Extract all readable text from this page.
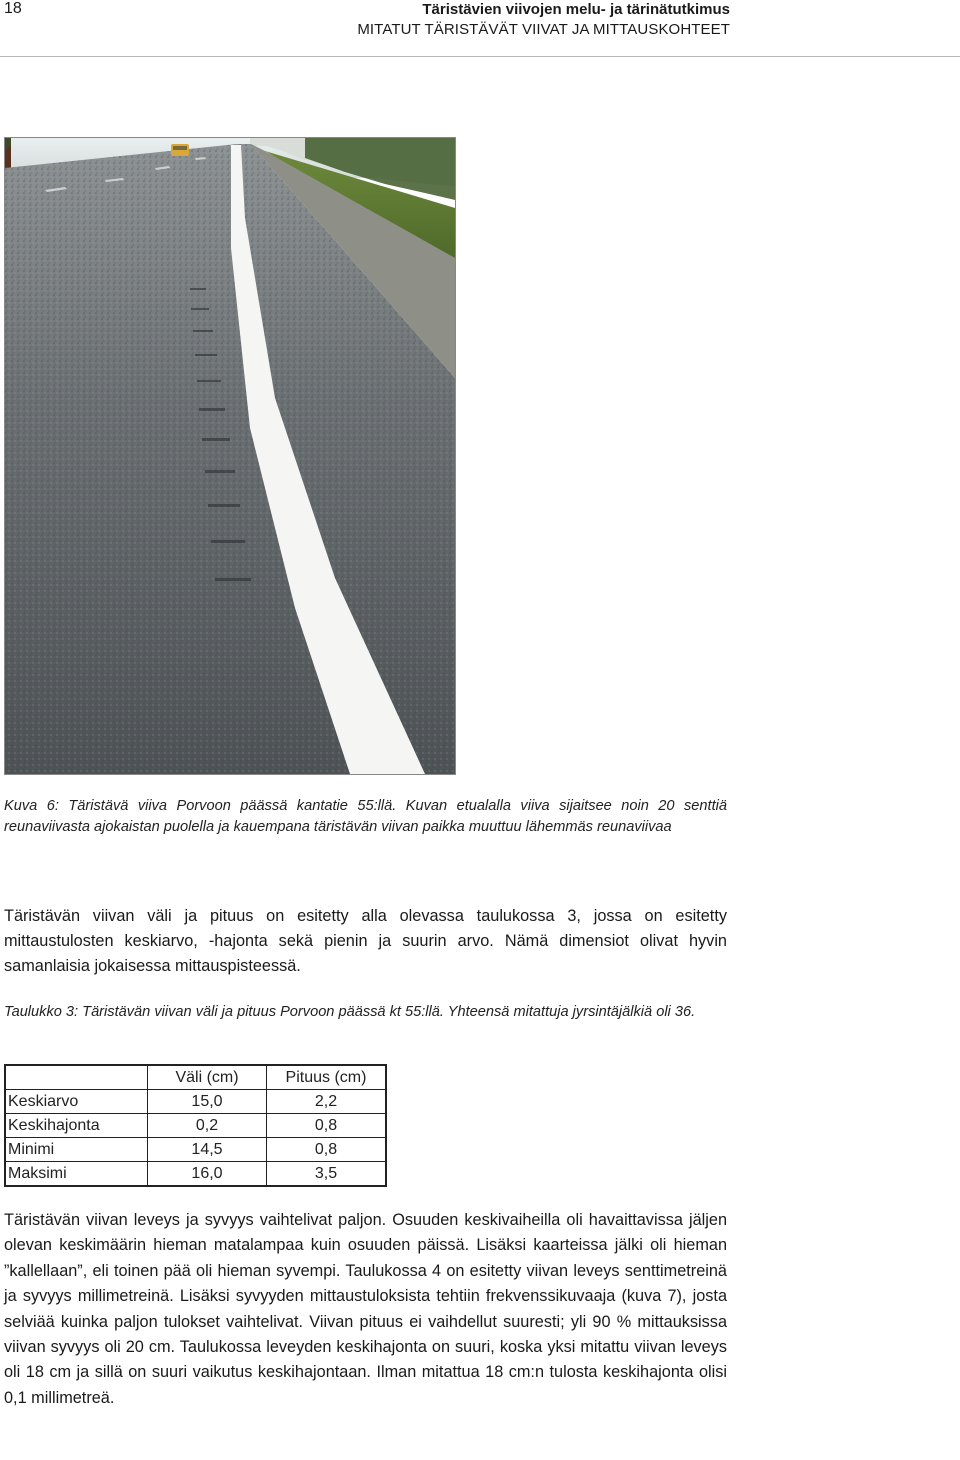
18	Täristävien viivojen melu- ja tärinätutkimus
MITATUT TÄRISTÄVÄT VIIVAT JA MITTAUSKOHTEET
Kuva 6: Täristävä viiva Porvoon päässä kantatie 55:llä. Kuvan etualalla viiva sijaitsee noin 20 senttiä reunaviivasta ajokaistan puolella ja kauempana täristävän viivan paikka muuttuu lähemmäs reunaviivaa
Täristävän viivan väli ja pituus on esitetty alla olevassa taulukossa 3, jossa on esitetty mittaustulosten keskiarvo, -hajonta sekä pienin ja suurin arvo. Nämä dimensiot olivat hyvin samanlaisia jokaisessa mittauspisteessä.
Taulukko 3: Täristävän viivan väli ja pituus Porvoon päässä kt 55:llä. Yhteensä mitattuja jyrsintäjälkiä oli 36.
	Väli (cm)	Pituus (cm)
Keskiarvo	15,0	2,2
Keskihajonta	0,2	0,8
Minimi	14,5	0,8
Maksimi	16,0	3,5
Täristävän viivan leveys ja syvyys vaihtelivat paljon. Osuuden keskivaiheilla oli havaittavissa jäljen olevan keskimäärin hieman matalampaa kuin osuuden päissä. Lisäksi kaarteissa jälki oli hieman ”kallellaan”, eli toinen pää oli hieman syvempi. Taulukossa 4 on esitetty viivan leveys senttimetreinä ja syvyys millimetreinä. Lisäksi syvyyden mittaustuloksista tehtiin frekvenssikuvaaja (kuva 7), josta selviää kuinka paljon tulokset vaihtelivat. Viivan pituus ei vaihdellut suuresti; yli 90 % mittauksissa viivan syvyys oli 20 cm. Taulukossa leveyden keskihajonta on suuri, koska yksi mitattu viivan leveys oli 18 cm ja sillä on suuri vaikutus keskihajontaan. Ilman mitattua 18 cm:n tulosta keskihajonta olisi 0,1 millimetreä.
